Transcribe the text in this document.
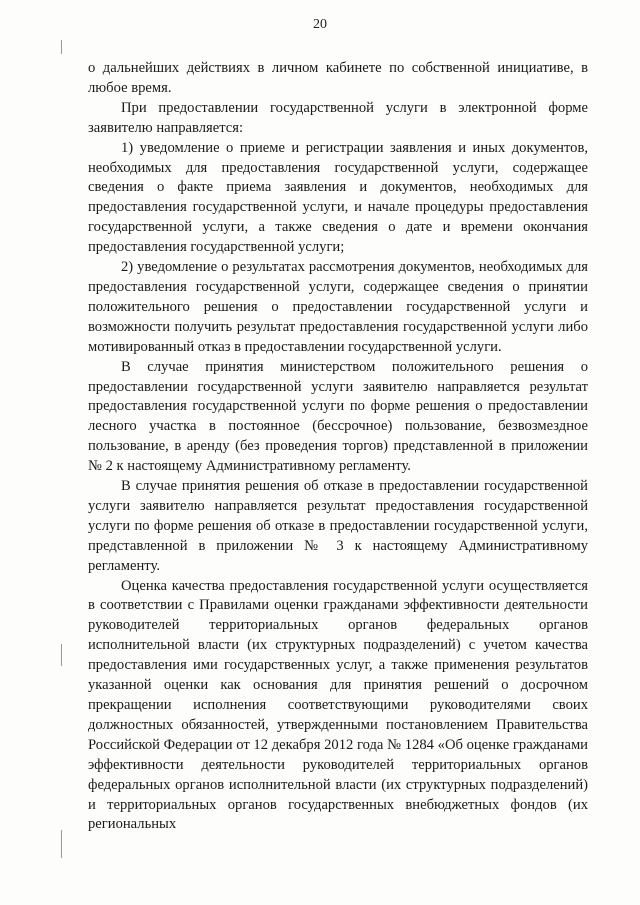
20

о дальнейших действиях в личном кабинете по собственной инициативе, в любое время.

При предоставлении государственной услуги в электронной форме заявителю направляется:

1) уведомление о приеме и регистрации заявления и иных документов, необходимых для предоставления государственной услуги, содержащее сведения о факте приема заявления и документов, необходимых для предоставления государственной услуги, и начале процедуры предоставления государственной услуги, а также сведения о дате и времени окончания предоставления государственной услуги;

2) уведомление о результатах рассмотрения документов, необходимых для предоставления государственной услуги, содержащее сведения о принятии положительного решения о предоставлении государственной услуги и возможности получить результат предоставления государственной услуги либо мотивированный отказ в предоставлении государственной услуги.

В случае принятия министерством положительного решения о предоставлении государственной услуги заявителю направляется результат предоставления государственной услуги по форме решения о предоставлении лесного участка в постоянное (бессрочное) пользование, безвозмездное пользование, в аренду (без проведения торгов) представленной в приложении № 2 к настоящему Административному регламенту.

В случае принятия решения об отказе в предоставлении государственной услуги заявителю направляется результат предоставления государственной услуги по форме решения об отказе в предоставлении государственной услуги, представленной в приложении № 3 к настоящему Административному регламенту.

Оценка качества предоставления государственной услуги осуществляется в соответствии с Правилами оценки гражданами эффективности деятельности руководителей территориальных органов федеральных органов исполнительной власти (их структурных подразделений) с учетом качества предоставления ими государственных услуг, а также применения результатов указанной оценки как основания для принятия решений о досрочном прекращении исполнения соответствующими руководителями своих должностных обязанностей, утвержденными постановлением Правительства Российской Федерации от 12 декабря 2012 года № 1284 «Об оценке гражданами эффективности деятельности руководителей территориальных органов федеральных органов исполнительной власти (их структурных подразделений) и территориальных органов государственных внебюджетных фондов (их региональных
